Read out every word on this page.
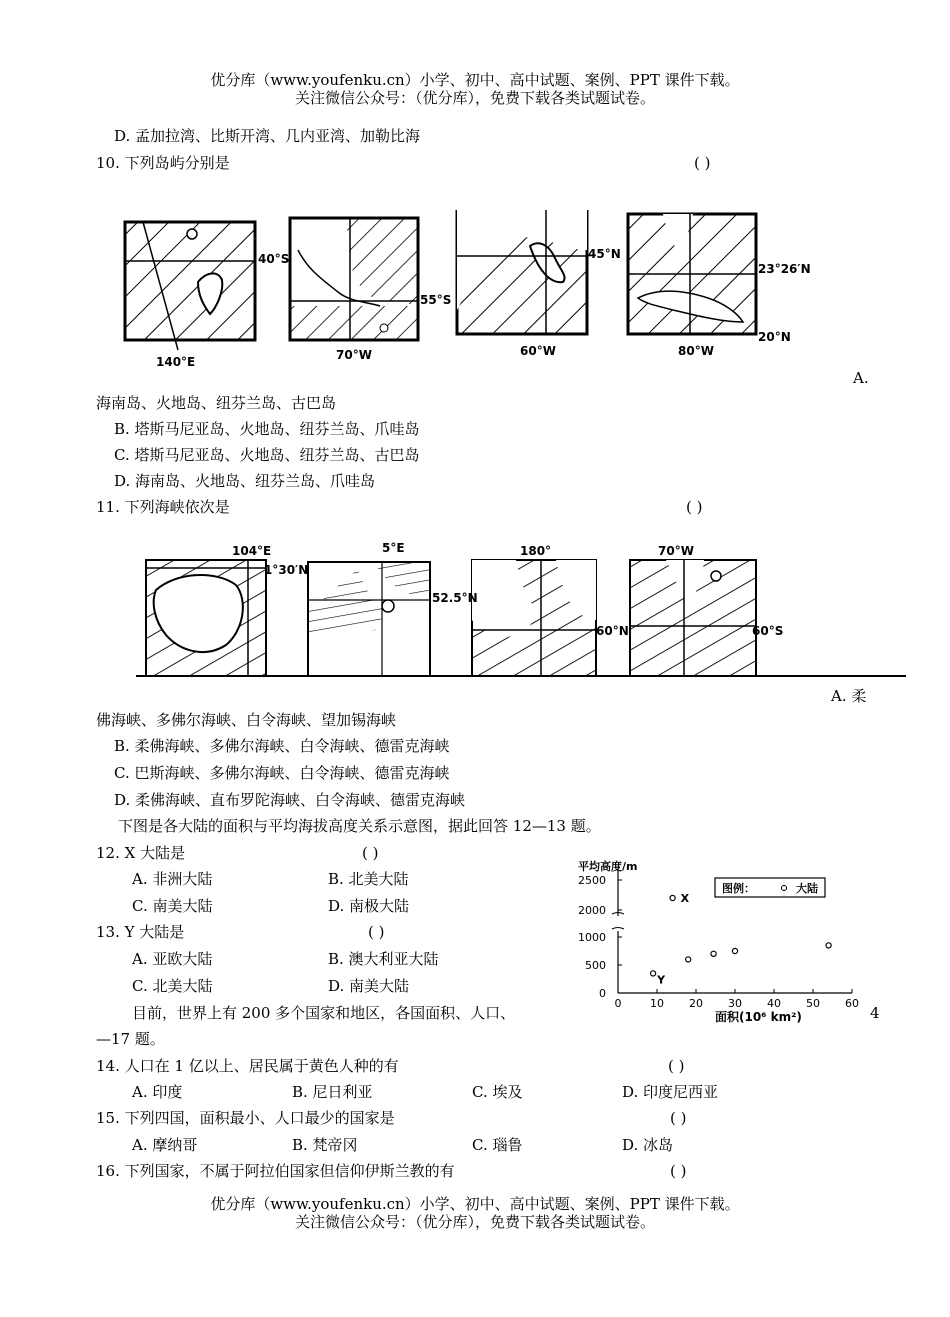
优分库（www.youfenku.cn）小学、初中、高中试题、案例、PPT 课件下载。
关注微信公众号：（优分库），免费下载各类试题试卷。
D. 孟加拉湾、比斯开湾、几内亚湾、加勒比海
10. 下列岛屿分别是	( )
40°S
140°E
55°S
70°W
45°N
60°W
23°26′N
80°W
20°N
A.
海南岛、火地岛、纽芬兰岛、古巴岛
B. 塔斯马尼亚岛、火地岛、纽芬兰岛、爪哇岛
C. 塔斯马尼亚岛、火地岛、纽芬兰岛、古巴岛
D. 海南岛、火地岛、纽芬兰岛、爪哇岛
11. 下列海峡依次是	( )
104°E
1°30′N
5°E
52.5°N
180°
60°N
70°W
60°S
A. 柔
佛海峡、多佛尔海峡、白令海峡、望加锡海峡
B. 柔佛海峡、多佛尔海峡、白令海峡、德雷克海峡
C. 巴斯海峡、多佛尔海峡、白令海峡、德雷克海峡
D. 柔佛海峡、直布罗陀海峡、白令海峡、德雷克海峡
下图是各大陆的面积与平均海拔高度关系示意图，据此回答 12—13 题。
12. X 大陆是	( )
A. 非洲大陆	B. 北美大陆
C. 南美大陆	D. 南极大陆
13. Y 大陆是	( )
A. 亚欧大陆	B. 澳大利亚大陆
C. 北美大陆	D. 南美大陆
目前，世界上有 200 多个国家和地区，各国面积、人口、	4
—17 题。
平均高度/m
面积(10⁶ km²)
0	10 20 30 40 50 60
0
500
1000
2000
2500
图例：	大陆
X
Y
14. 人口在 1 亿以上、居民属于黄色人种的有	( )
A. 印度	B. 尼日利亚	C. 埃及	D. 印度尼西亚
15. 下列四国，面积最小、人口最少的国家是	( )
A. 摩纳哥	B. 梵帝冈	C. 瑙鲁	D. 冰岛
16. 下列国家，不属于阿拉伯国家但信仰伊斯兰教的有	( )
优分库（www.youfenku.cn）小学、初中、高中试题、案例、PPT 课件下载。
关注微信公众号：（优分库），免费下载各类试题试卷。
